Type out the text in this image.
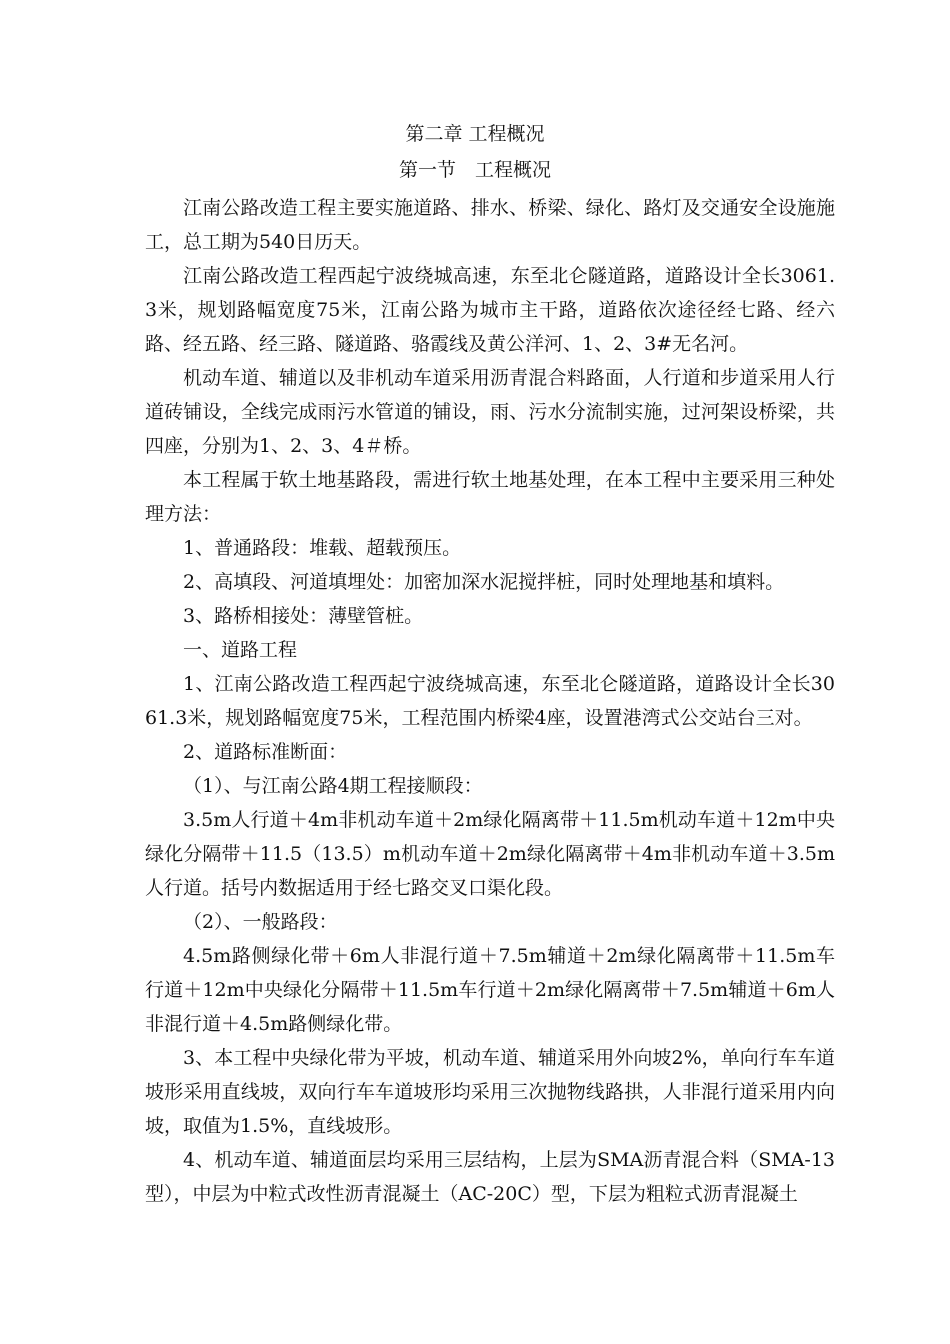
第二章 工程概况
第一节　工程概况

江南公路改造工程主要实施道路、排水、桥梁、绿化、路灯及交通安全设施施工，总工期为540日历天。

江南公路改造工程西起宁波绕城高速，东至北仑隧道路，道路设计全长3061.3米，规划路幅宽度75米，江南公路为城市主干路，道路依次途径经七路、经六路、经五路、经三路、隧道路、骆霞线及黄公洋河、1、2、3#无名河。

机动车道、辅道以及非机动车道采用沥青混合料路面，人行道和步道采用人行道砖铺设，全线完成雨污水管道的铺设，雨、污水分流制实施，过河架设桥梁，共四座，分别为1、2、3、4＃桥。

本工程属于软土地基路段，需进行软土地基处理，在本工程中主要采用三种处理方法：

1、普通路段：堆载、超载预压。

2、高填段、河道填埋处：加密加深水泥搅拌桩，同时处理地基和填料。

3、路桥相接处：薄壁管桩。

一、道路工程

1、江南公路改造工程西起宁波绕城高速，东至北仑隧道路，道路设计全长3061.3米，规划路幅宽度75米，工程范围内桥梁4座，设置港湾式公交站台三对。

2、道路标准断面：

（1）、与江南公路4期工程接顺段：

3.5m人行道＋4m非机动车道＋2m绿化隔离带＋11.5m机动车道＋12m中央绿化分隔带＋11.5（13.5）m机动车道＋2m绿化隔离带＋4m非机动车道＋3.5m人行道。括号内数据适用于经七路交叉口渠化段。

（2）、一般路段：

4.5m路侧绿化带＋6m人非混行道＋7.5m辅道＋2m绿化隔离带＋11.5m车行道＋12m中央绿化分隔带＋11.5m车行道＋2m绿化隔离带＋7.5m辅道＋6m人非混行道＋4.5m路侧绿化带。

3、本工程中央绿化带为平坡，机动车道、辅道采用外向坡2%，单向行车车道坡形采用直线坡，双向行车车道坡形均采用三次抛物线路拱，人非混行道采用内向坡，取值为1.5%，直线坡形。

4、机动车道、辅道面层均采用三层结构，上层为SMA沥青混合料（SMA-13型），中层为中粒式改性沥青混凝土（AC-20C）型，下层为粗粒式沥青混凝土
